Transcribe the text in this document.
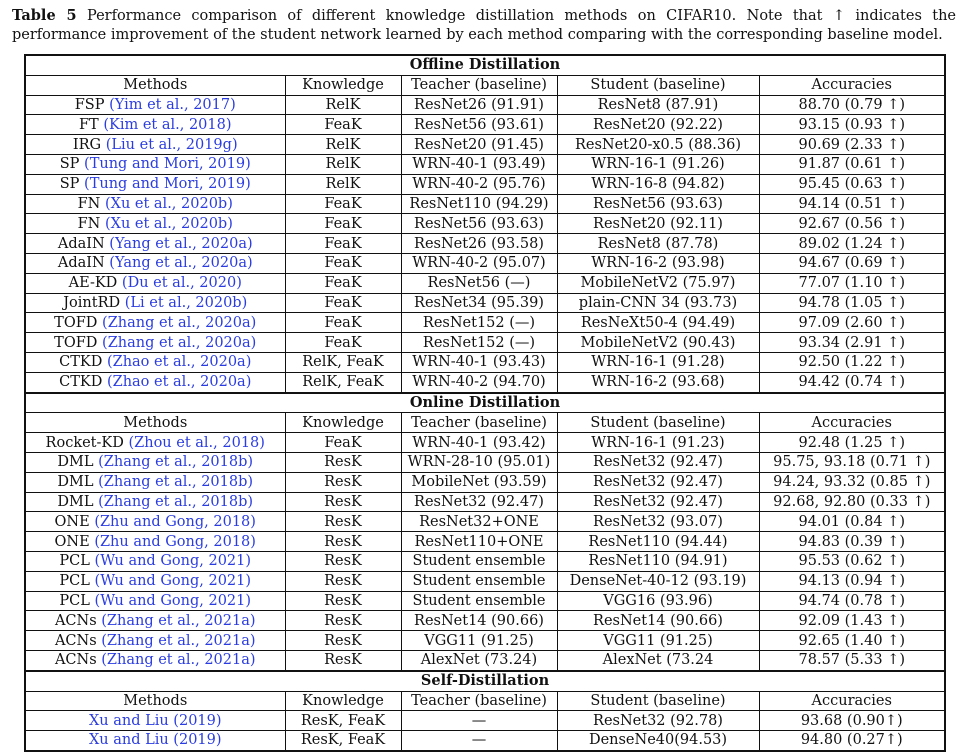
Table 5 Performance comparison of different knowledge distillation methods on CIFAR10. Note that ↑ indicates the performance improvement of the student network learned by each method comparing with the corresponding baseline model.
Offline Distillation				
Methods	Knowledge	Teacher (baseline)	Student (baseline)	Accuracies
FSP (Yim et al., 2017)	RelK	ResNet26 (91.91)	ResNet8 (87.91)	88.70 (0.79 ↑)
FT (Kim et al., 2018)	FeaK	ResNet56 (93.61)	ResNet20 (92.22)	93.15 (0.93 ↑)
IRG (Liu et al., 2019g)	RelK	ResNet20 (91.45)	ResNet20-x0.5 (88.36)	90.69 (2.33 ↑)
SP (Tung and Mori, 2019)	RelK	WRN-40-1 (93.49)	WRN-16-1 (91.26)	91.87 (0.61 ↑)
SP (Tung and Mori, 2019)	RelK	WRN-40-2 (95.76)	WRN-16-8 (94.82)	95.45 (0.63 ↑)
FN (Xu et al., 2020b)	FeaK	ResNet110 (94.29)	ResNet56 (93.63)	94.14 (0.51 ↑)
FN (Xu et al., 2020b)	FeaK	ResNet56 (93.63)	ResNet20 (92.11)	92.67 (0.56 ↑)
AdaIN (Yang et al., 2020a)	FeaK	ResNet26 (93.58)	ResNet8 (87.78)	89.02 (1.24 ↑)
AdaIN (Yang et al., 2020a)	FeaK	WRN-40-2 (95.07)	WRN-16-2 (93.98)	94.67 (0.69 ↑)
AE-KD (Du et al., 2020)	FeaK	ResNet56 (—)	MobileNetV2 (75.97)	77.07 (1.10 ↑)
JointRD (Li et al., 2020b)	FeaK	ResNet34 (95.39)	plain-CNN 34 (93.73)	94.78 (1.05 ↑)
TOFD (Zhang et al., 2020a)	FeaK	ResNet152 (—)	ResNeXt50-4 (94.49)	97.09 (2.60 ↑)
TOFD (Zhang et al., 2020a)	FeaK	ResNet152 (—)	MobileNetV2 (90.43)	93.34 (2.91 ↑)
CTKD (Zhao et al., 2020a)	RelK, FeaK	WRN-40-1 (93.43)	WRN-16-1 (91.28)	92.50 (1.22 ↑)
CTKD (Zhao et al., 2020a)	RelK, FeaK	WRN-40-2 (94.70)	WRN-16-2 (93.68)	94.42 (0.74 ↑)
Online Distillation				
Methods	Knowledge	Teacher (baseline)	Student (baseline)	Accuracies
Rocket-KD (Zhou et al., 2018)	FeaK	WRN-40-1 (93.42)	WRN-16-1 (91.23)	92.48 (1.25 ↑)
DML (Zhang et al., 2018b)	ResK	WRN-28-10 (95.01)	ResNet32 (92.47)	95.75, 93.18 (0.71 ↑)
DML (Zhang et al., 2018b)	ResK	MobileNet (93.59)	ResNet32 (92.47)	94.24, 93.32 (0.85 ↑)
DML (Zhang et al., 2018b)	ResK	ResNet32 (92.47)	ResNet32 (92.47)	92.68, 92.80 (0.33 ↑)
ONE (Zhu and Gong, 2018)	ResK	ResNet32+ONE	ResNet32 (93.07)	94.01 (0.84 ↑)
ONE (Zhu and Gong, 2018)	ResK	ResNet110+ONE	ResNet110 (94.44)	94.83 (0.39 ↑)
PCL (Wu and Gong, 2021)	ResK	Student ensemble	ResNet110 (94.91)	95.53 (0.62 ↑)
PCL (Wu and Gong, 2021)	ResK	Student ensemble	DenseNet-40-12 (93.19)	94.13 (0.94 ↑)
PCL (Wu and Gong, 2021)	ResK	Student ensemble	VGG16 (93.96)	94.74 (0.78 ↑)
ACNs (Zhang et al., 2021a)	ResK	ResNet14 (90.66)	ResNet14 (90.66)	92.09 (1.43 ↑)
ACNs (Zhang et al., 2021a)	ResK	VGG11 (91.25)	VGG11 (91.25)	92.65 (1.40 ↑)
ACNs (Zhang et al., 2021a)	ResK	AlexNet (73.24)	AlexNet (73.24	78.57 (5.33 ↑)
Self-Distillation				
Methods	Knowledge	Teacher (baseline)	Student (baseline)	Accuracies
Xu and Liu (2019)	ResK, FeaK	—	ResNet32 (92.78)	93.68 (0.90↑)
Xu and Liu (2019)	ResK, FeaK	—	DenseNe40(94.53)	94.80 (0.27↑)
